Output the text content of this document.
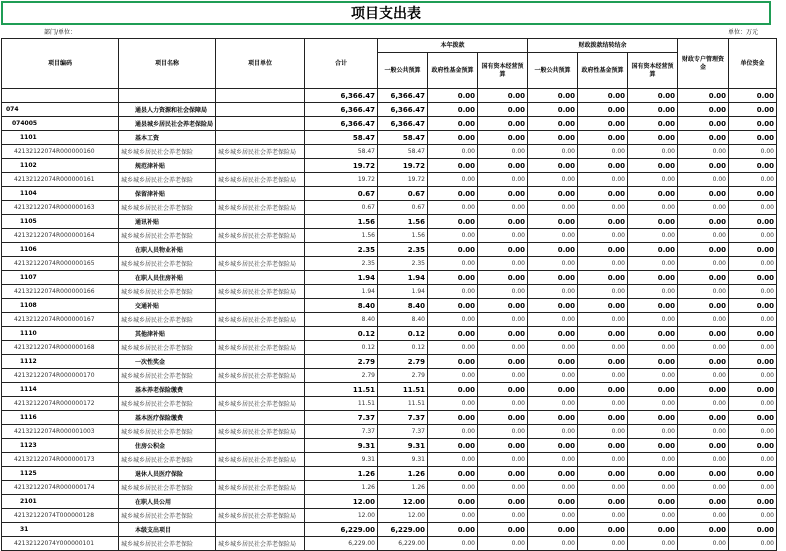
项目支出表
部门/单位：	单位：万元
项目编码	项目名称	项目单位	合计	本年拨款			财政拨款结转结余			财政专户管理资金	单位资金	
				一般公共预算	政府性基金预算	国有资本经营预算	一般公共预算	政府性基金预算	国有资本经营预算			
			6,366.47	6,366.47	0.00	0.00	0.00	0.00	0.00	0.00	0.00	
074	通县人力资源和社会保障局		6,366.47	6,366.47	0.00	0.00	0.00	0.00	0.00	0.00	0.00	
074005	通县城乡居民社会养老保险局		6,366.47	6,366.47	0.00	0.00	0.00	0.00	0.00	0.00	0.00	
1101	基本工资		58.47	58.47	0.00	0.00	0.00	0.00	0.00	0.00	0.00	
42132122074R000000160	城乡城乡居民社会养老保险	城乡城乡居民社会养老保险局	58.47	58.47	0.00	0.00	0.00	0.00	0.00	0.00	0.00	
1102	规范津补贴		19.72	19.72	0.00	0.00	0.00	0.00	0.00	0.00	0.00	
42132122074R000000161	城乡城乡居民社会养老保险	城乡城乡居民社会养老保险局	19.72	19.72	0.00	0.00	0.00	0.00	0.00	0.00	0.00	
1104	保留津补贴		0.67	0.67	0.00	0.00	0.00	0.00	0.00	0.00	0.00	
42132122074R000000163	城乡城乡居民社会养老保险	城乡城乡居民社会养老保险局	0.67	0.67	0.00	0.00	0.00	0.00	0.00	0.00	0.00	
1105	通讯补贴		1.56	1.56	0.00	0.00	0.00	0.00	0.00	0.00	0.00	
42132122074R000000164	城乡城乡居民社会养老保险	城乡城乡居民社会养老保险局	1.56	1.56	0.00	0.00	0.00	0.00	0.00	0.00	0.00	
1106	在职人员物业补贴		2.35	2.35	0.00	0.00	0.00	0.00	0.00	0.00	0.00	
42132122074R000000165	城乡城乡居民社会养老保险	城乡城乡居民社会养老保险局	2.35	2.35	0.00	0.00	0.00	0.00	0.00	0.00	0.00	
1107	在职人员住房补贴		1.94	1.94	0.00	0.00	0.00	0.00	0.00	0.00	0.00	
42132122074R000000166	城乡城乡居民社会养老保险	城乡城乡居民社会养老保险局	1.94	1.94	0.00	0.00	0.00	0.00	0.00	0.00	0.00	
1108	交通补贴		8.40	8.40	0.00	0.00	0.00	0.00	0.00	0.00	0.00	
42132122074R000000167	城乡城乡居民社会养老保险	城乡城乡居民社会养老保险局	8.40	8.40	0.00	0.00	0.00	0.00	0.00	0.00	0.00	
1110	其他津补贴		0.12	0.12	0.00	0.00	0.00	0.00	0.00	0.00	0.00	
42132122074R000000168	城乡城乡居民社会养老保险	城乡城乡居民社会养老保险局	0.12	0.12	0.00	0.00	0.00	0.00	0.00	0.00	0.00	
1112	一次性奖金		2.79	2.79	0.00	0.00	0.00	0.00	0.00	0.00	0.00	
42132122074R000000170	城乡城乡居民社会养老保险	城乡城乡居民社会养老保险局	2.79	2.79	0.00	0.00	0.00	0.00	0.00	0.00	0.00	
1114	基本养老保险缴费		11.51	11.51	0.00	0.00	0.00	0.00	0.00	0.00	0.00	
42132122074R000000172	城乡城乡居民社会养老保险	城乡城乡居民社会养老保险局	11.51	11.51	0.00	0.00	0.00	0.00	0.00	0.00	0.00	
1116	基本医疗保险缴费		7.37	7.37	0.00	0.00	0.00	0.00	0.00	0.00	0.00	
42132122074R000001003	城乡城乡居民社会养老保险	城乡城乡居民社会养老保险局	7.37	7.37	0.00	0.00	0.00	0.00	0.00	0.00	0.00	
1123	住房公积金		9.31	9.31	0.00	0.00	0.00	0.00	0.00	0.00	0.00	
42132122074R000000173	城乡城乡居民社会养老保险	城乡城乡居民社会养老保险局	9.31	9.31	0.00	0.00	0.00	0.00	0.00	0.00	0.00	
1125	退休人员医疗保险		1.26	1.26	0.00	0.00	0.00	0.00	0.00	0.00	0.00	
42132122074R000000174	城乡城乡居民社会养老保险	城乡城乡居民社会养老保险局	1.26	1.26	0.00	0.00	0.00	0.00	0.00	0.00	0.00	
2101	在职人员公用		12.00	12.00	0.00	0.00	0.00	0.00	0.00	0.00	0.00	
42132122074T000000128	城乡城乡居民社会养老保险	城乡城乡居民社会养老保险局	12.00	12.00	0.00	0.00	0.00	0.00	0.00	0.00	0.00	
31	本级支出项目		6,229.00	6,229.00	0.00	0.00	0.00	0.00	0.00	0.00	0.00	
42132122074Y000000101	城乡城乡居民社会养老保险	城乡城乡居民社会养老保险局	6,229.00	6,229.00	0.00	0.00	0.00	0.00	0.00	0.00	0.00	
